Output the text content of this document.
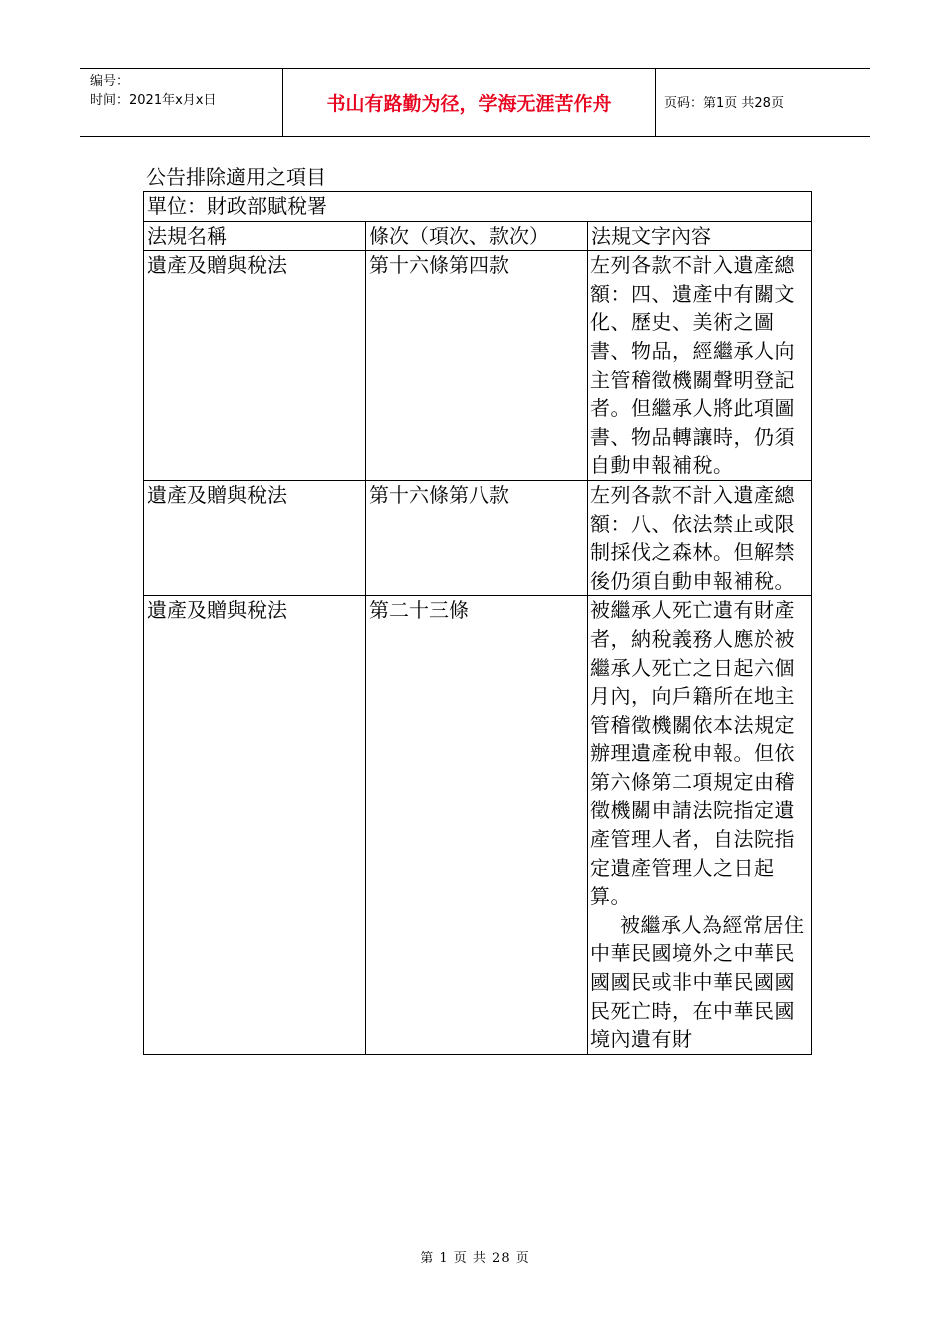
编号：
时间：2021年x月x日	书山有路勤为径，学海无涯苦作舟	页码：第1页 共28页
公告排除適用之項目
單位：財政部賦稅署		
法規名稱	條次（項次、款次）	法規文字內容
遺產及贈與稅法	第十六條第四款	左列各款不計入遺產總額：四、遺產中有關文化、歷史、美術之圖書、物品，經繼承人向主管稽徵機關聲明登記者。但繼承人將此項圖書、物品轉讓時，仍須自動申報補稅。
遺產及贈與稅法	第十六條第八款	左列各款不計入遺產總額：八、依法禁止或限制採伐之森林。但解禁後仍須自動申報補稅。
遺產及贈與稅法	第二十三條	被繼承人死亡遺有財產者，納稅義務人應於被繼承人死亡之日起六個月內，向戶籍所在地主管稽徵機關依本法規定辦理遺產稅申報。但依第六條第二項規定由稽徵機關申請法院指定遺產管理人者，自法院指定遺產管理人之日起算。
被繼承人為經常居住中華民國境外之中華民國國民或非中華民國國民死亡時，在中華民國境內遺有財
第 1 页 共 28 页
